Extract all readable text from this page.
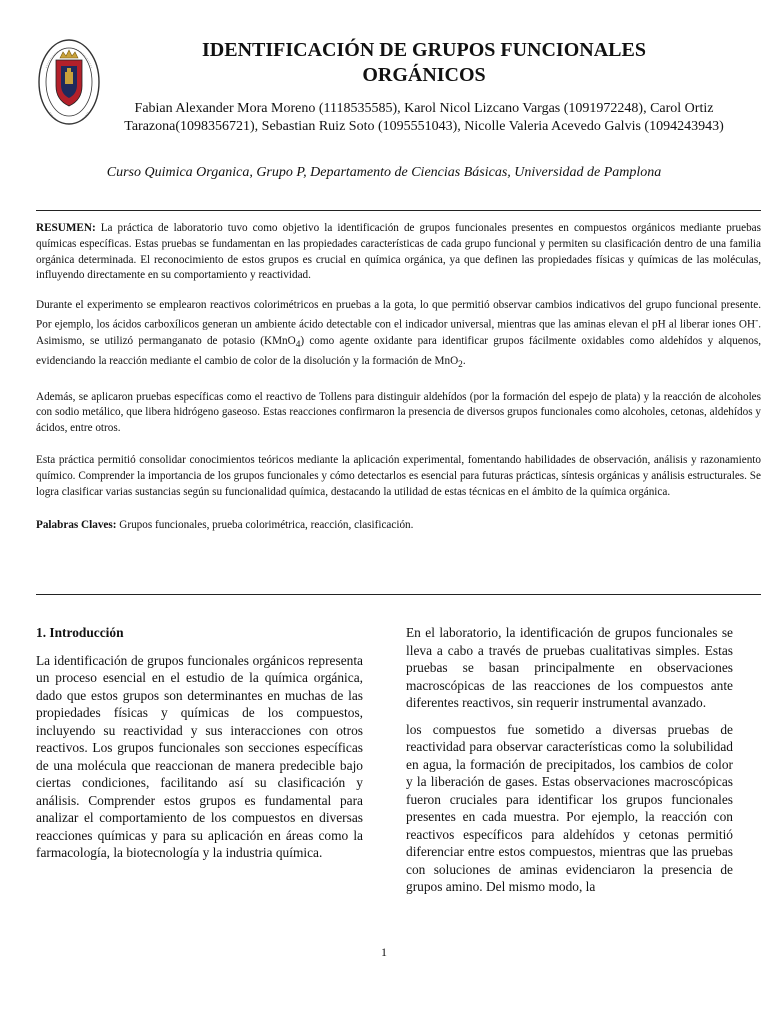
IDENTIFICACIÓN DE GRUPOS FUNCIONALES ORGÁNICOS

Fabian Alexander Mora Moreno (1118535585), Karol Nicol Lizcano Vargas (1091972248), Carol Ortiz Tarazona(1098356721), Sebastian Ruiz Soto (1095551043), Nicolle Valeria Acevedo Galvis (1094243943)

Curso Quimica Organica, Grupo P, Departamento de Ciencias Básicas, Universidad de Pamplona

RESUMEN: La práctica de laboratorio tuvo como objetivo la identificación de grupos funcionales presentes en compuestos orgánicos mediante pruebas químicas específicas. Estas pruebas se fundamentan en las propiedades características de cada grupo funcional y permiten su clasificación dentro de una familia orgánica determinada. El reconocimiento de estos grupos es crucial en química orgánica, ya que definen las propiedades físicas y químicas de las moléculas, influyendo directamente en su comportamiento y reactividad.

Durante el experimento se emplearon reactivos colorimétricos en pruebas a la gota, lo que permitió observar cambios indicativos del grupo funcional presente. Por ejemplo, los ácidos carboxílicos generan un ambiente ácido detectable con el indicador universal, mientras que las aminas elevan el pH al liberar iones OH-. Asimismo, se utilizó permanganato de potasio (KMnO$_4$) como agente oxidante para identificar grupos fácilmente oxidables como aldehídos y alquenos, evidenciando la reacción mediante el cambio de color de la disolución y la formación de MnO$_2$.

Además, se aplicaron pruebas específicas como el reactivo de Tollens para distinguir aldehídos (por la formación del espejo de plata) y la reacción de alcoholes con sodio metálico, que libera hidrógeno gaseoso. Estas reacciones confirmaron la presencia de diversos grupos funcionales como alcoholes, cetonas, aldehídos y ácidos, entre otros.

Esta práctica permitió consolidar conocimientos teóricos mediante la aplicación experimental, fomentando habilidades de observación, análisis y razonamiento químico. Comprender la importancia de los grupos funcionales y cómo detectarlos es esencial para futuras prácticas, síntesis orgánicas y análisis estructurales. Se logra clasificar varias sustancias según su funcionalidad química, destacando la utilidad de estas técnicas en el ámbito de la química orgánica.

Palabras Claves: Grupos funcionales, prueba colorimétrica, reacción, clasificación.

1. Introducción

La identificación de grupos funcionales orgánicos representa un proceso esencial en el estudio de la química orgánica, dado que estos grupos son determinantes en muchas de las propiedades físicas y químicas de los compuestos, incluyendo su reactividad y sus interacciones con otros reactivos. Los grupos funcionales son secciones específicas de una molécula que reaccionan de manera predecible bajo ciertas condiciones, facilitando así su clasificación y análisis. Comprender estos grupos es fundamental para analizar el comportamiento de los compuestos en diversas reacciones químicas y para su aplicación en áreas como la farmacología, la biotecnología y la industria química.

En el laboratorio, la identificación de grupos funcionales se lleva a cabo a través de pruebas cualitativas simples. Estas pruebas se basan principalmente en observaciones macroscópicas de las reacciones de los compuestos ante diferentes reactivos, sin requerir instrumental avanzado.

los compuestos fue sometido a diversas pruebas de reactividad para observar características como la solubilidad en agua, la formación de precipitados, los cambios de color y la liberación de gases. Estas observaciones macroscópicas fueron cruciales para identificar los grupos funcionales presentes en cada muestra. Por ejemplo, la reacción con reactivos específicos para aldehídos y cetonas permitió diferenciar entre estos compuestos, mientras que las pruebas con soluciones de aminas evidenciaron la presencia de grupos amino. Del mismo modo, la

1
